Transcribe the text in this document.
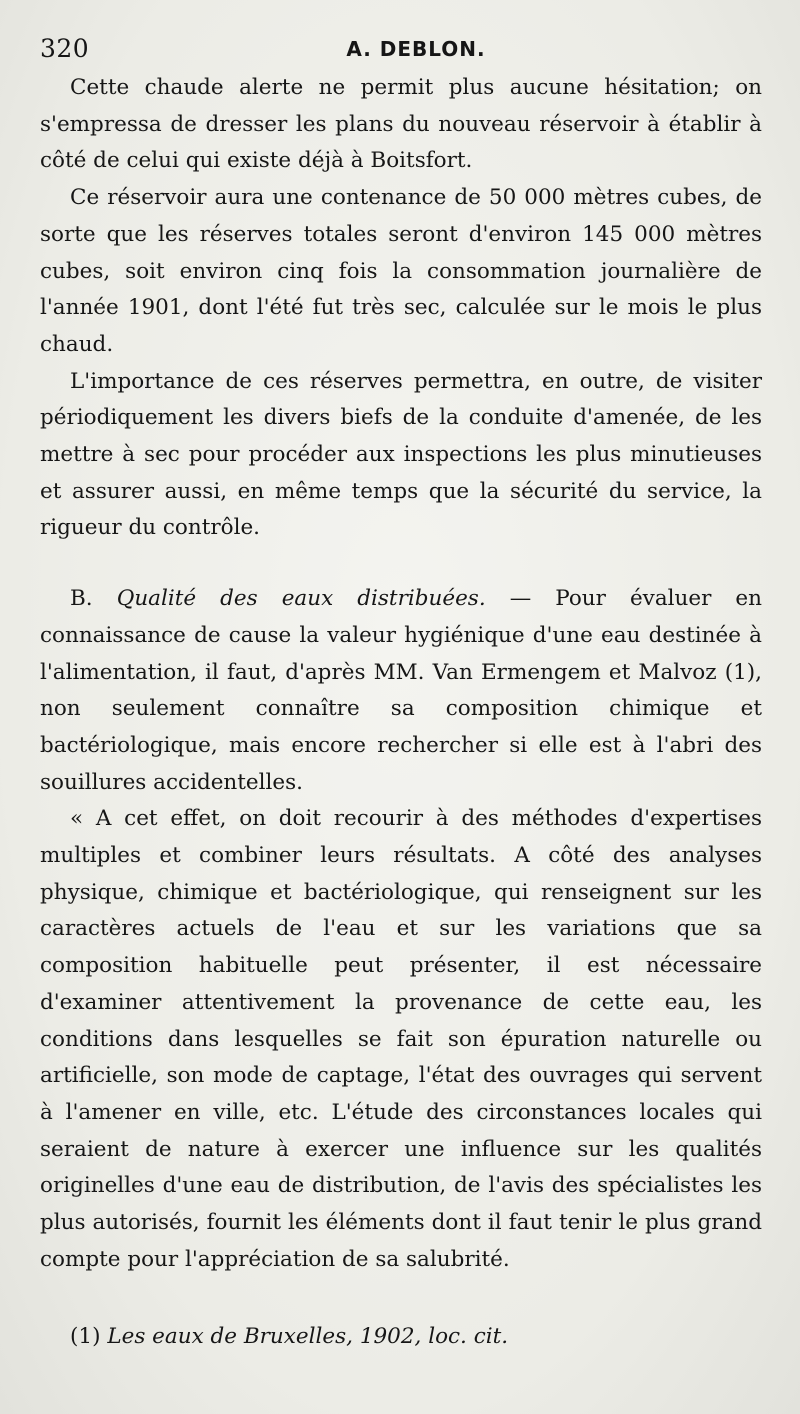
320	A. DEBLON.

Cette chaude alerte ne permit plus aucune hésitation; on s'empressa de dresser les plans du nouveau réservoir à établir à côté de celui qui existe déjà à Boitsfort.

Ce réservoir aura une contenance de 50 000 mètres cubes, de sorte que les réserves totales seront d'environ 145 000 mètres cubes, soit environ cinq fois la consommation journalière de l'année 1901, dont l'été fut très sec, calculée sur le mois le plus chaud.

L'importance de ces réserves permettra, en outre, de visiter périodiquement les divers biefs de la conduite d'amenée, de les mettre à sec pour procéder aux inspections les plus minutieuses et assurer aussi, en même temps que la sécurité du service, la rigueur du contrôle.

B. Qualité des eaux distribuées. — Pour évaluer en connaissance de cause la valeur hygiénique d'une eau destinée à l'alimentation, il faut, d'après MM. Van Ermengem et Malvoz (1), non seulement connaître sa composition chimique et bactériologique, mais encore rechercher si elle est à l'abri des souillures accidentelles.

« A cet effet, on doit recourir à des méthodes d'expertises multiples et combiner leurs résultats. A côté des analyses physique, chimique et bactériologique, qui renseignent sur les caractères actuels de l'eau et sur les variations que sa composition habituelle peut présenter, il est nécessaire d'examiner attentivement la provenance de cette eau, les conditions dans lesquelles se fait son épuration naturelle ou artificielle, son mode de captage, l'état des ouvrages qui servent à l'amener en ville, etc. L'étude des circonstances locales qui seraient de nature à exercer une influence sur les qualités originelles d'une eau de distribution, de l'avis des spécialistes les plus autorisés, fournit les éléments dont il faut tenir le plus grand compte pour l'appréciation de sa salubrité.

(1) Les eaux de Bruxelles, 1902, loc. cit.
